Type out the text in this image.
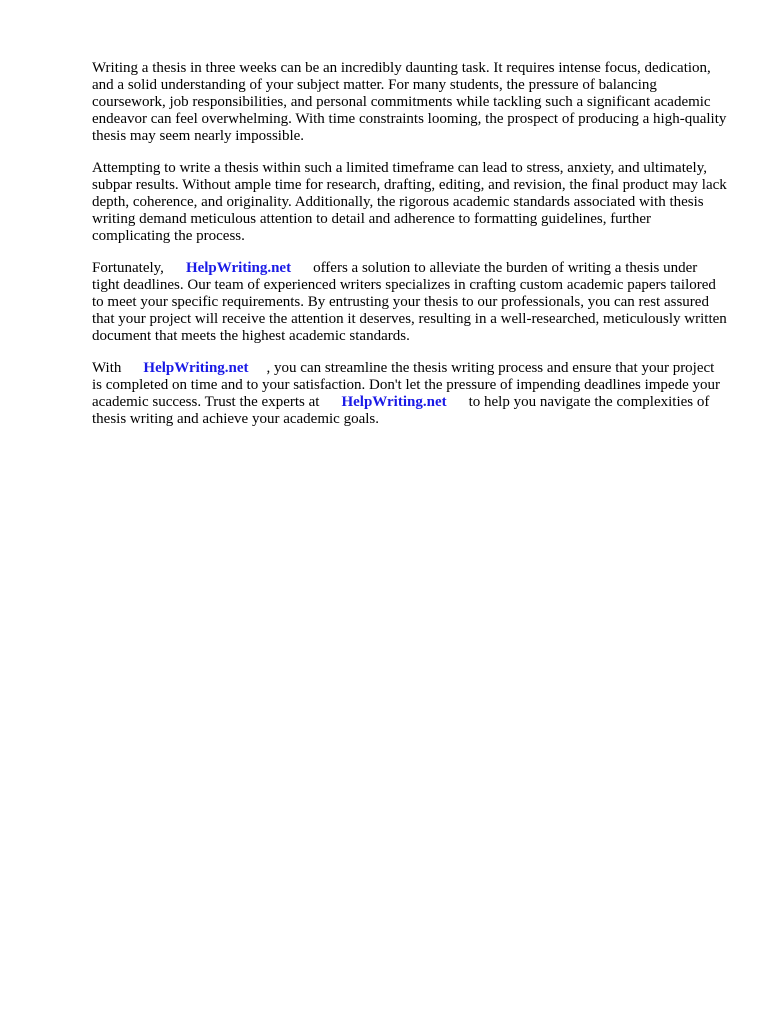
Writing a thesis in three weeks can be an incredibly daunting task. It requires intense focus, dedication, and a solid understanding of your subject matter. For many students, the pressure of balancing coursework, job responsibilities, and personal commitments while tackling such a significant academic endeavor can feel overwhelming. With time constraints looming, the prospect of producing a high-quality thesis may seem nearly impossible.

Attempting to write a thesis within such a limited timeframe can lead to stress, anxiety, and ultimately, subpar results. Without ample time for research, drafting, editing, and revision, the final product may lack depth, coherence, and originality. Additionally, the rigorous academic standards associated with thesis writing demand meticulous attention to detail and adherence to formatting guidelines, further complicating the process.

Fortunately, HelpWriting.net offers a solution to alleviate the burden of writing a thesis under tight deadlines. Our team of experienced writers specializes in crafting custom academic papers tailored to meet your specific requirements. By entrusting your thesis to our professionals, you can rest assured that your project will receive the attention it deserves, resulting in a well-researched, meticulously written document that meets the highest academic standards.

With HelpWriting.net , you can streamline the thesis writing process and ensure that your project is completed on time and to your satisfaction. Don't let the pressure of impending deadlines impede your academic success. Trust the experts at HelpWriting.net to help you navigate the complexities of thesis writing and achieve your academic goals.
